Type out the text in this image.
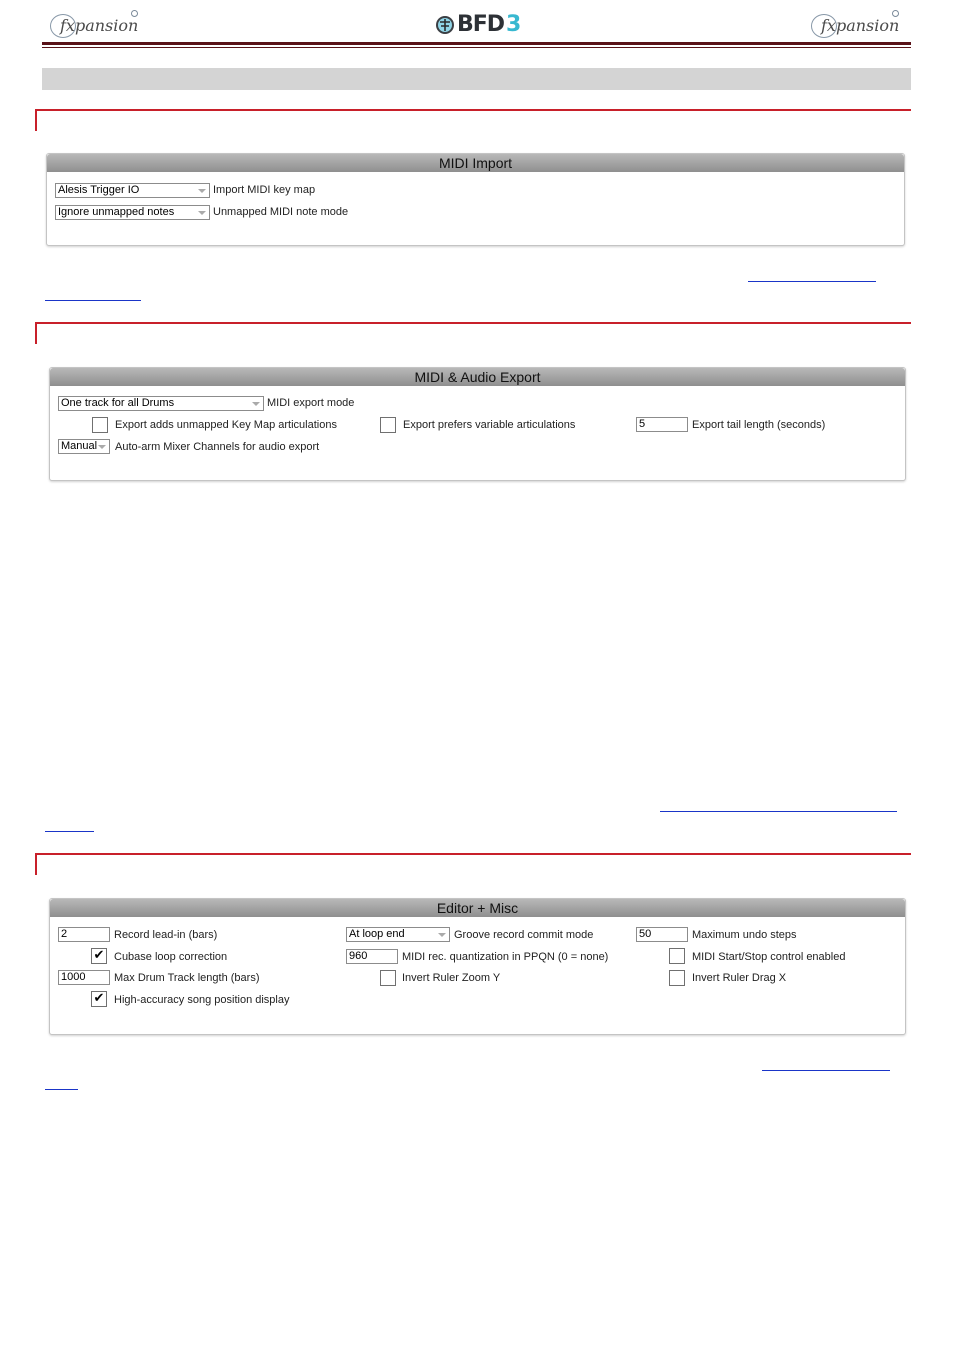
fxpansion	BFD 3	fxpansion
MIDI Import
Alesis Trigger IO	Import MIDI key map
Ignore unmapped notes	Unmapped MIDI note mode
MIDI & Audio Export
One track for all Drums	MIDI export mode
Export adds unmapped Key Map articulations	Export prefers variable articulations	5	Export tail length (seconds)
Manual	Auto-arm Mixer Channels for audio export
Editor + Misc
2	Record lead-in (bars)	At loop end	Groove record commit mode	50	Maximum undo steps
✔ Cubase loop correction	960	MIDI rec. quantization in PPQN (0 = none)	MIDI Start/Stop control enabled
1000	Max Drum Track length (bars)	Invert Ruler Zoom Y	Invert Ruler Drag X
✔ High-accuracy song position display
